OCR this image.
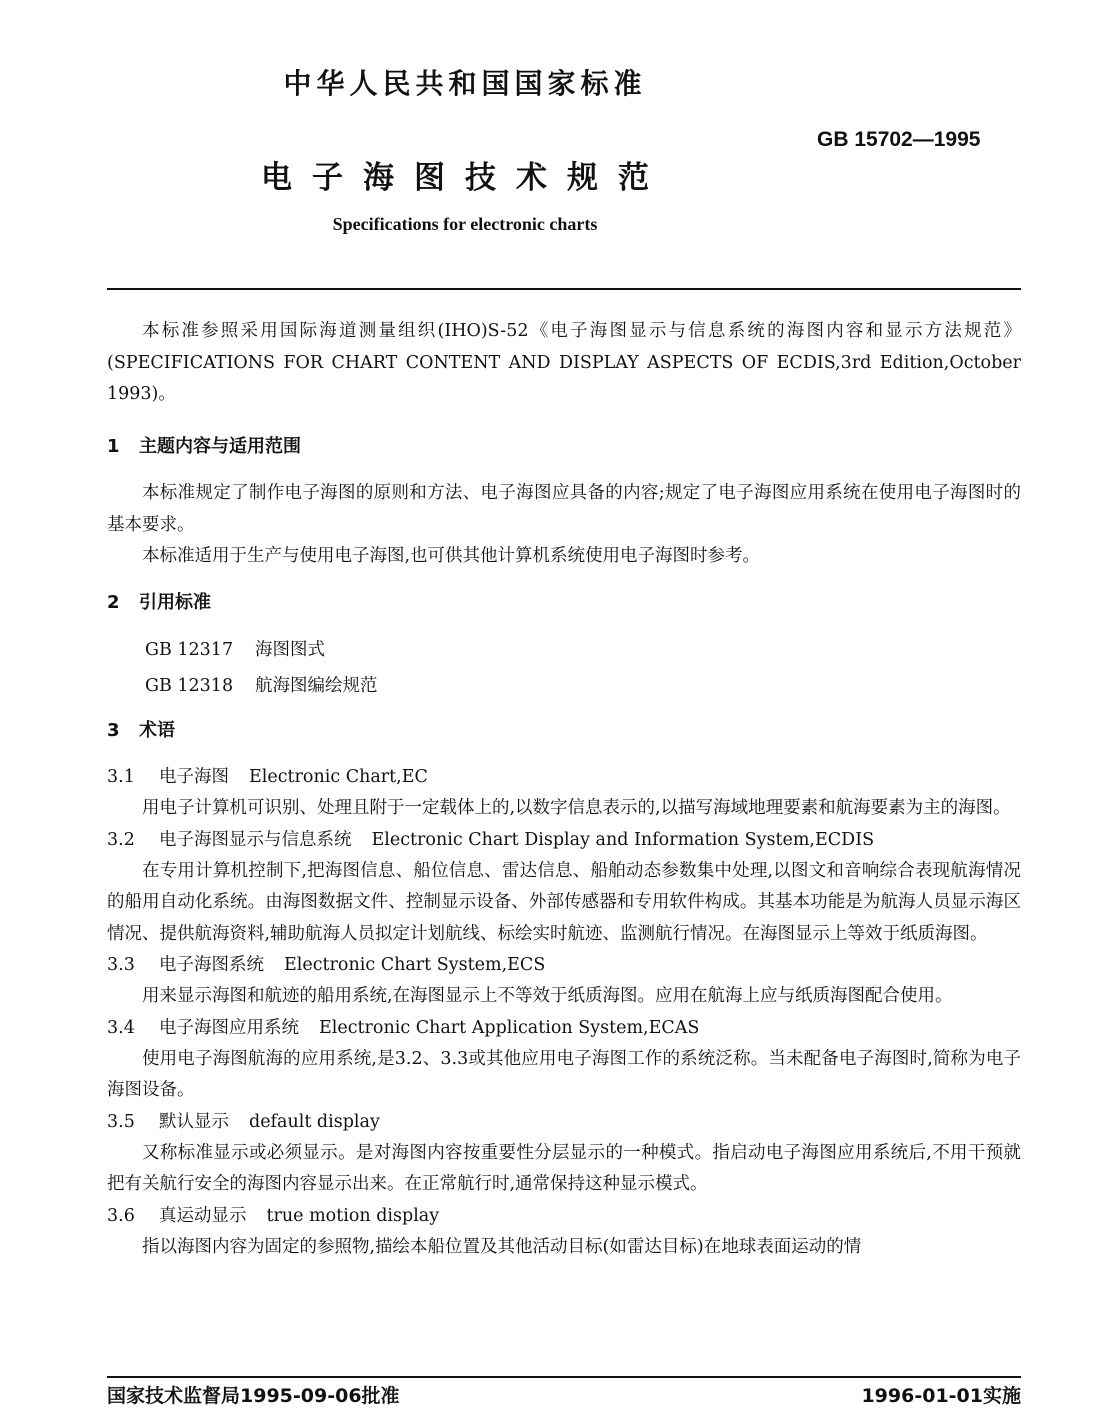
中华人民共和国国家标准
GB 15702—1995
电子海图技术规范
Specifications for electronic charts

本标准参照采用国际海道测量组织(IHO)S-52《电子海图显示与信息系统的海图内容和显示方法规范》(SPECIFICATIONS FOR CHART CONTENT AND DISPLAY ASPECTS OF ECDIS,3rd Edition,October 1993)。

1 主题内容与适用范围

本标准规定了制作电子海图的原则和方法、电子海图应具备的内容;规定了电子海图应用系统在使用电子海图时的基本要求。

本标准适用于生产与使用电子海图,也可供其他计算机系统使用电子海图时参考。

2 引用标准
GB 12317 海图图式
GB 12318 航海图编绘规范
3 术语
3.1 电子海图 Electronic Chart,EC

用电子计算机可识别、处理且附于一定载体上的,以数字信息表示的,以描写海域地理要素和航海要素为主的海图。

3.2 电子海图显示与信息系统 Electronic Chart Display and Information System,ECDIS

在专用计算机控制下,把海图信息、船位信息、雷达信息、船舶动态参数集中处理,以图文和音响综合表现航海情况的船用自动化系统。由海图数据文件、控制显示设备、外部传感器和专用软件构成。其基本功能是为航海人员显示海区情况、提供航海资料,辅助航海人员拟定计划航线、标绘实时航迹、监测航行情况。在海图显示上等效于纸质海图。

3.3 电子海图系统 Electronic Chart System,ECS

用来显示海图和航迹的船用系统,在海图显示上不等效于纸质海图。应用在航海上应与纸质海图配合使用。

3.4 电子海图应用系统 Electronic Chart Application System,ECAS

使用电子海图航海的应用系统,是3.2、3.3或其他应用电子海图工作的系统泛称。当未配备电子海图时,简称为电子海图设备。

3.5 默认显示 default display

又称标准显示或必须显示。是对海图内容按重要性分层显示的一种模式。指启动电子海图应用系统后,不用干预就把有关航行安全的海图内容显示出来。在正常航行时,通常保持这种显示模式。

3.6 真运动显示 true motion display

指以海图内容为固定的参照物,描绘本船位置及其他活动目标(如雷达目标)在地球表面运动的情

国家技术监督局1995-09-06批准	1996-01-01实施
